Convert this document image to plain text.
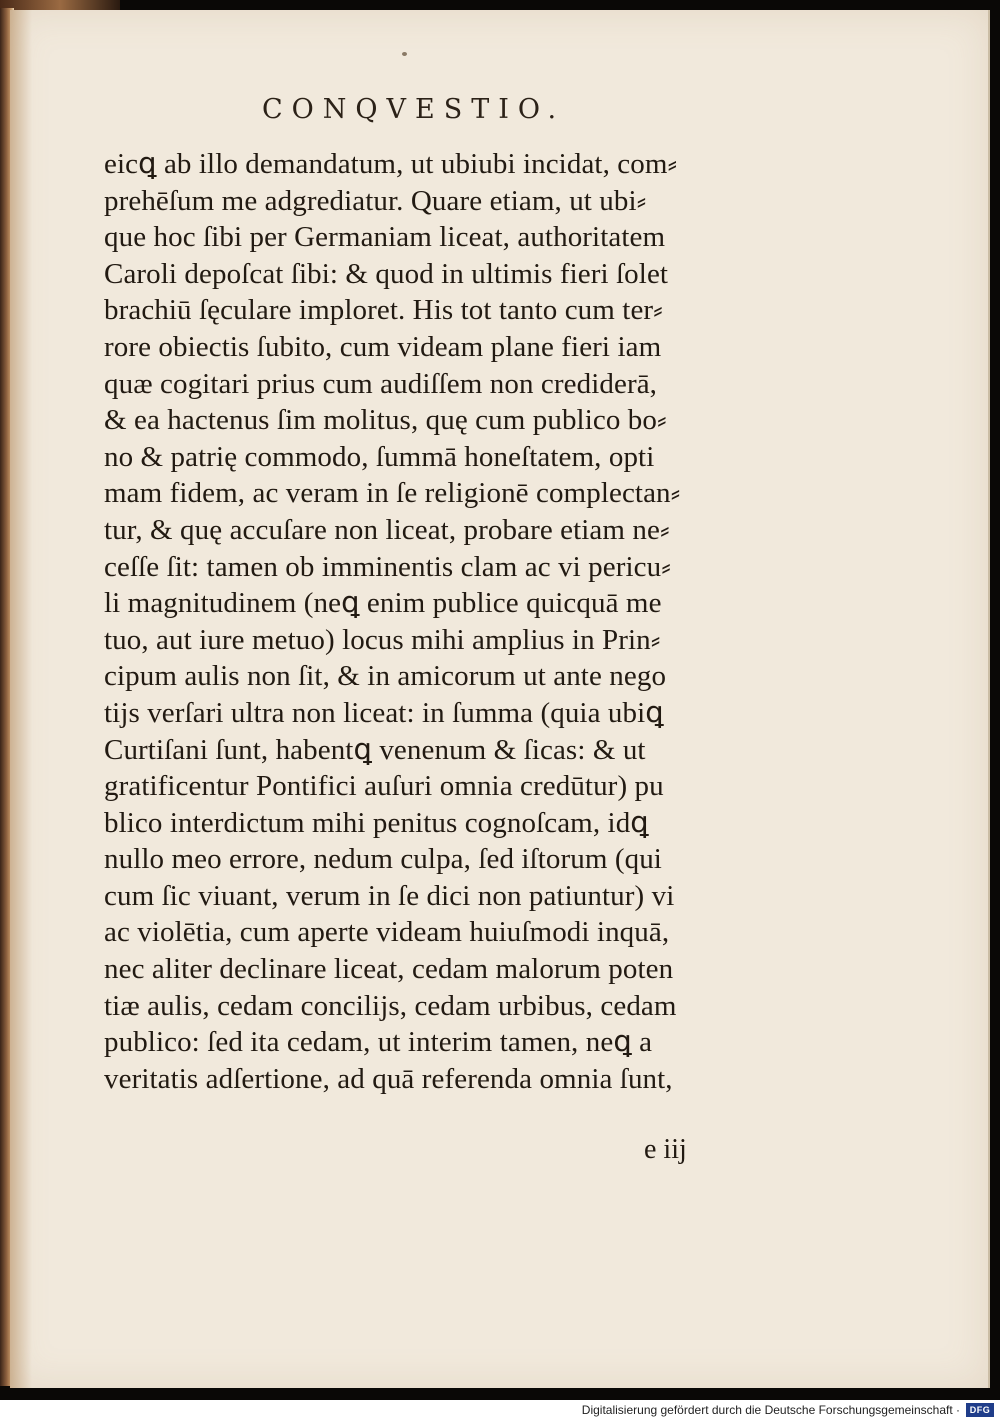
CONQVESTIO.
eicꝗ ab illo demandatum, ut ubiubi incidat, com⸗
prehēſum me adgrediatur. Quare etiam, ut ubi⸗
que hoc ſibi per Germaniam liceat, authoritatem
Caroli depoſcat ſibi: & quod in ultimis fieri ſolet
brachiū ſęculare imploret. His tot tanto cum ter⸗
rore obiectis ſubito, cum videam plane fieri iam
quæ cogitari prius cum audiſſem non crediderā,
& ea hactenus ſim molitus, quę cum publico bo⸗
no & patrię commodo, ſummā honeſtatem, opti
mam fidem, ac veram in ſe religionē complectan⸗
tur, & quę accuſare non liceat, probare etiam ne⸗
ceſſe ſit: tamen ob imminentis clam ac vi pericu⸗
li magnitudinem (neꝗ enim publice quicquā me
tuo, aut iure metuo) locus mihi amplius in Prin⸗
cipum aulis non ſit, & in amicorum ut ante nego
tijs verſari ultra non liceat: in ſumma (quia ubiꝗ
Curtiſani ſunt, habentꝗ venenum & ſicas: & ut
gratificentur Pontifici auſuri omnia credūtur) pu
blico interdictum mihi penitus cognoſcam, idꝗ
nullo meo errore, nedum culpa, ſed iſtorum (qui
cum ſic viuant, verum in ſe dici non patiuntur) vi
ac violētia, cum aperte videam huiuſmodi inquā,
nec aliter declinare liceat, cedam malorum poten
tiæ aulis, cedam concilijs, cedam urbibus, cedam
publico: ſed ita cedam, ut interim tamen, neꝗ a
veritatis adſertione, ad quā referenda omnia ſunt,
e iij
Digitalisierung gefördert durch die Deutsche Forschungsgemeinschaft ·	DFG
